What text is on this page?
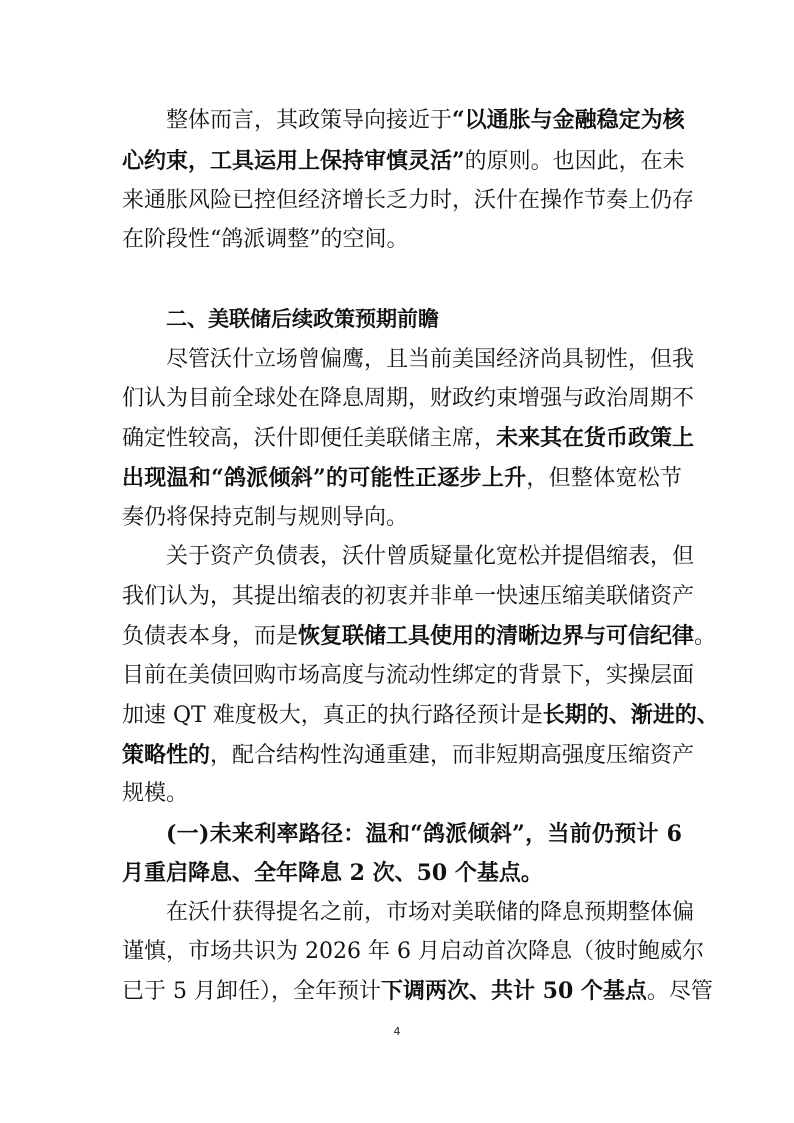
整体而言，其政策导向接近于“以通胀与金融稳定为核
心约束，工具运用上保持审慎灵活”的原则。也因此，在未
来通胀风险已控但经济增长乏力时，沃什在操作节奏上仍存
在阶段性“鸽派调整”的空间。
二、美联储后续政策预期前瞻
尽管沃什立场曾偏鹰，且当前美国经济尚具韧性，但我
们认为目前全球处在降息周期，财政约束增强与政治周期不
确定性较高，沃什即便任美联储主席，未来其在货币政策上
出现温和“鸽派倾斜”的可能性正逐步上升，但整体宽松节
奏仍将保持克制与规则导向。
关于资产负债表，沃什曾质疑量化宽松并提倡缩表，但
我们认为，其提出缩表的初衷并非单一快速压缩美联储资产
负债表本身，而是恢复联储工具使用的清晰边界与可信纪律。
目前在美债回购市场高度与流动性绑定的背景下，实操层面
加速 QT 难度极大，真正的执行路径预计是长期的、渐进的、
策略性的，配合结构性沟通重建，而非短期高强度压缩资产
规模。
(一)未来利率路径：温和“鸽派倾斜”，当前仍预计 6
月重启降息、全年降息 2 次、50 个基点。
在沃什获得提名之前，市场对美联储的降息预期整体偏
谨慎，市场共识为 2026 年 6 月启动首次降息（彼时鲍威尔
已于 5 月卸任），全年预计下调两次、共计 50 个基点。尽管
4
